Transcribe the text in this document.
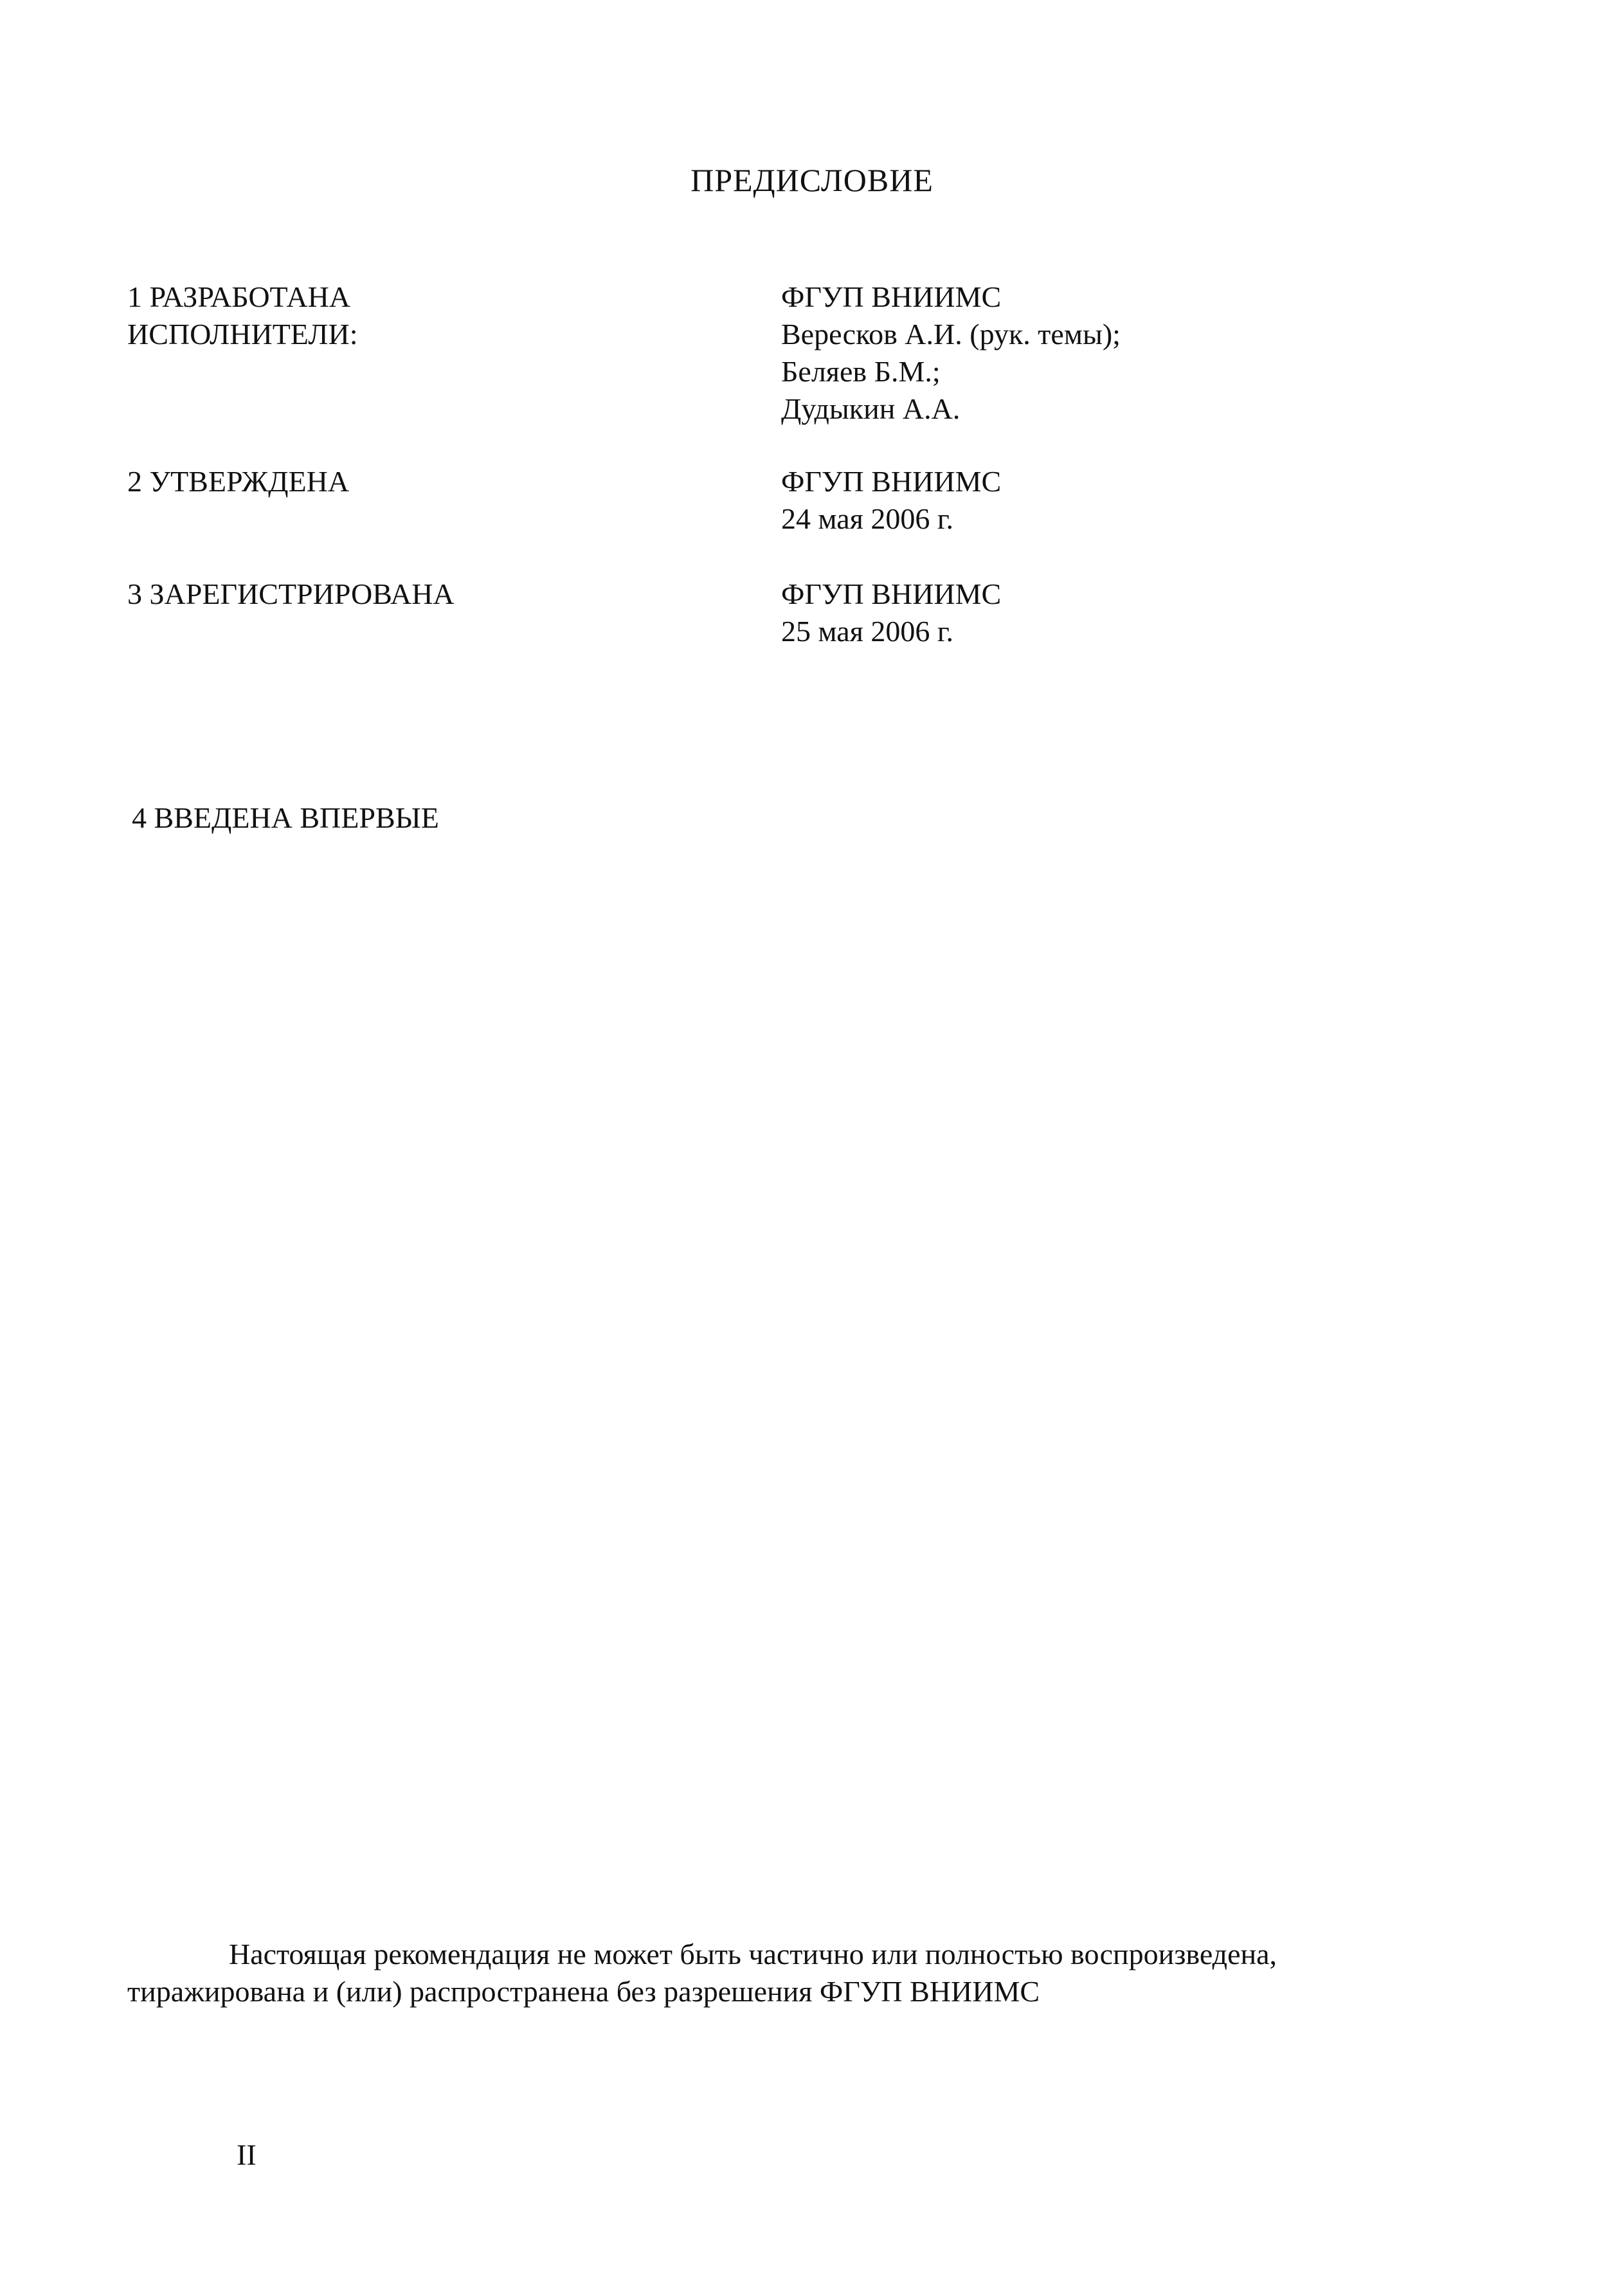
ПРЕДИСЛОВИЕ
1 РАЗРАБОТАНА
ИСПОЛНИТЕЛИ:
ФГУП ВНИИМС
Вересков А.И. (рук. темы);
Беляев Б.М.;
Дудыкин А.А.
2 УТВЕРЖДЕНА	ФГУП ВНИИМС
24 мая 2006 г.
3 ЗАРЕГИСТРИРОВАНА	ФГУП ВНИИМС
25 мая 2006 г.
4 ВВЕДЕНА ВПЕРВЫЕ
Настоящая рекомендация не может быть частично или полностью воспроизведена,
тиражирована и (или) распространена без разрешения ФГУП ВНИИМС
II
